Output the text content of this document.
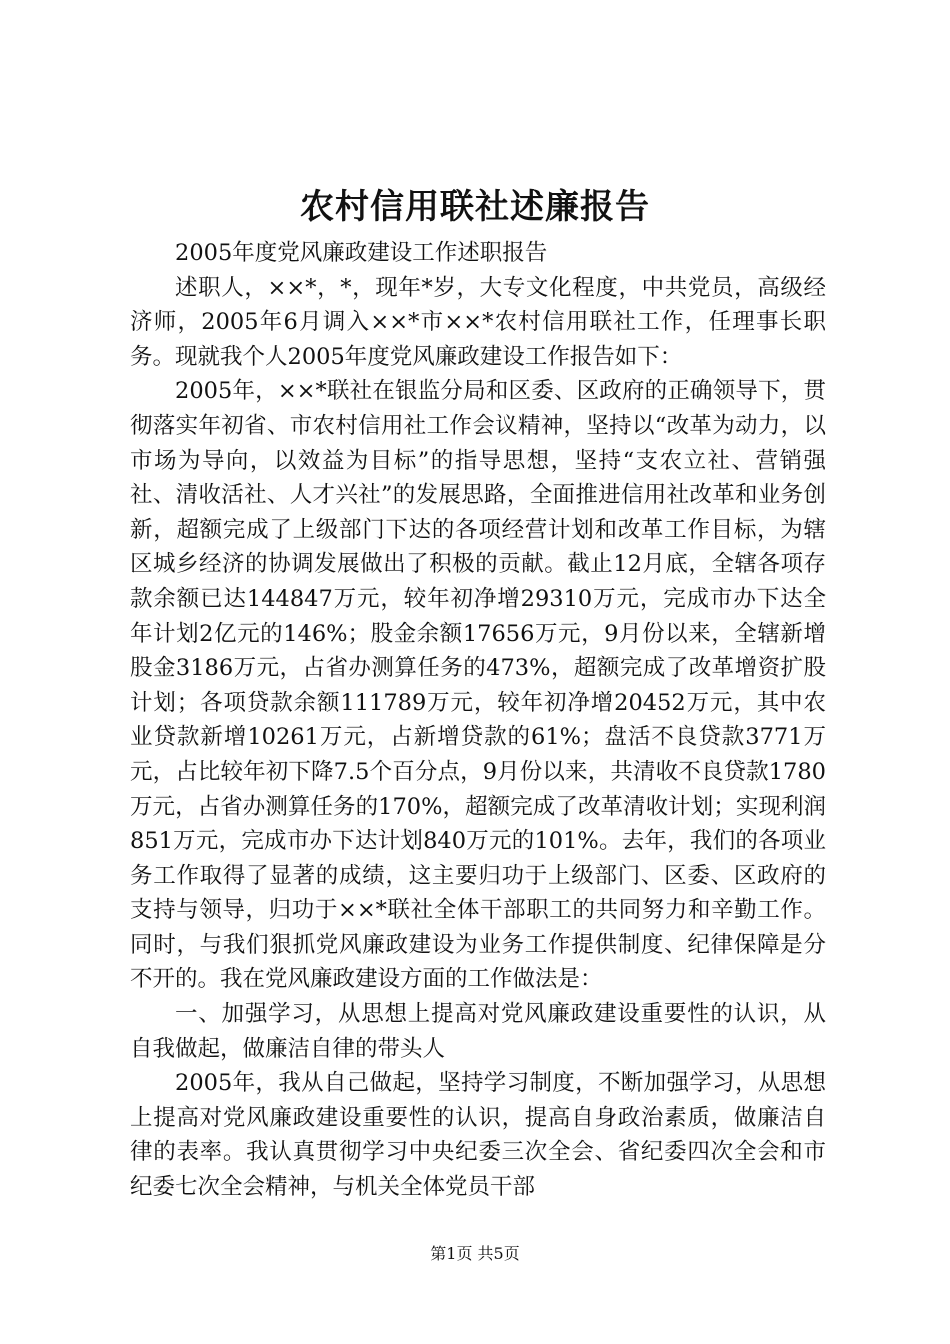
农村信用联社述廉报告

2005年度党风廉政建设工作述职报告

述职人，××*，*，现年*岁，大专文化程度，中共党员，高级经济师，2005年6月调入××*市××*农村信用联社工作，任理事长职务。现就我个人2005年度党风廉政建设工作报告如下：

2005年，××*联社在银监分局和区委、区政府的正确领导下，贯彻落实年初省、市农村信用社工作会议精神，坚持以“改革为动力，以市场为导向，以效益为目标”的指导思想，坚持“支农立社、营销强社、清收活社、人才兴社”的发展思路，全面推进信用社改革和业务创新，超额完成了上级部门下达的各项经营计划和改革工作目标，为辖区城乡经济的协调发展做出了积极的贡献。截止12月底，全辖各项存款余额已达144847万元，较年初净增29310万元，完成市办下达全年计划2亿元的146%；股金余额17656万元，9月份以来，全辖新增股金3186万元，占省办测算任务的473%，超额完成了改革增资扩股计划；各项贷款余额111789万元，较年初净增20452万元，其中农业贷款新增10261万元，占新增贷款的61%；盘活不良贷款3771万元，占比较年初下降7.5个百分点，9月份以来，共清收不良贷款1780万元，占省办测算任务的170%，超额完成了改革清收计划；实现利润851万元，完成市办下达计划840万元的101%。去年，我们的各项业务工作取得了显著的成绩，这主要归功于上级部门、区委、区政府的支持与领导，归功于××*联社全体干部职工的共同努力和辛勤工作。同时，与我们狠抓党风廉政建设为业务工作提供制度、纪律保障是分不开的。我在党风廉政建设方面的工作做法是：

一、加强学习，从思想上提高对党风廉政建设重要性的认识，从自我做起，做廉洁自律的带头人

2005年，我从自己做起，坚持学习制度，不断加强学习，从思想上提高对党风廉政建设重要性的认识，提高自身政治素质，做廉洁自律的表率。我认真贯彻学习中央纪委三次全会、省纪委四次全会和市纪委七次全会精神，与机关全体党员干部

第1页 共5页
